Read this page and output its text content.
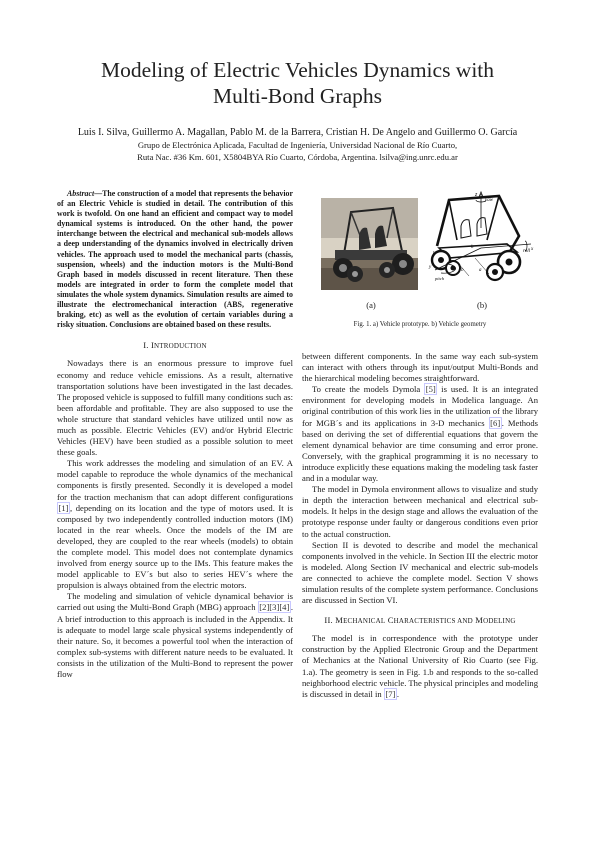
Modeling of Electric Vehicles Dynamics with
Multi-Bond Graphs
Luis I. Silva, Guillermo A. Magallan, Pablo M. de la Barrera, Cristian H. De Angelo and Guillermo O. García
Grupo de Electrónica Aplicada, Facultad de Ingeniería, Universidad Nacional de Río Cuarto,
Ruta Nac. #36 Km. 601, X5804BYA Río Cuarto, Córdoba, Argentina. lsilva@ing.unrc.edu.ar

Abstract—The construction of a model that represents the behavior of an Electric Vehicle is studied in detail. The contribution of this work is twofold. On one hand an efficient and compact way to model dynamical systems is introduced. On the other hand, the power interchange between the electrical and mechanical sub-models allows a deep understanding of the dynamics involved in electrically driven vehicles. The approach used to model the mechanical parts (chassis, suspension, wheels) and the induction motors is the Multi-Bond Graph based in models discussed in recent literature. Then these models are integrated in order to form the complete model that simulates the whole system dynamics. Simulation results are aimed to illustrate the electromechanical interaction (ABS, regenerative braking, etc) as well as the evolution of certain variables during a risky situation. Conclusions are obtained based on these results.

I. INTRODUCTION

Nowadays there is an enormous pressure to improve fuel economy and reduce vehicle emissions. As a result, alternative transportation solutions have been investigated in the last decades. The proposed vehicle is supposed to fulfill many conditions such as: been affordable and profitable. They are also supposed to use the whole structure that standard vehicles have utilized until now as much as possible. Electric Vehicles (EV) and/or Hybrid Electric Vehicles (HEV) have been studied as a possible solution to meet these goals.

This work addresses the modeling and simulation of an EV. A model capable to reproduce the whole dynamics of the mechanical components is firstly presented. Secondly it is developed a model for the traction mechanism that can adopt different configurations [1] , depending on its location and the type of motors used. It is composed by two independently controlled induction motors (IM) located in the rear wheels. Once the models of the IM are developed, they are coupled to the rear wheels (models) to obtain the complete model. This model does not contemplate dynamics involved from energy source up to the IMs. This feature makes the model applicable to EV´s but also to series HEV´s where the propulsion is always obtained from the electric motors.

The modeling and simulation of vehicle dynamical behavior is carried out using the Multi-Bond Graph (MBG) approach [2][3][4] . A brief introduction to this approach is included in the Appendix. It is adequate to model large scale physical systems independently of their nature. So, it becomes a powerful tool when the interaction of complex sub-systems with different nature needs to be evaluated. It consists in the utilization of the Multi-Bond to represent the power flow

z
yaw
roll x
y
pitch
b	a
h
t
(a)	(b)
Fig. 1. a) Vehicle prototype. b) Vehicle geometry

between different components. In the same way each sub-system can interact with others through its input/output Multi-Bonds and the hierarchical modeling becomes straightforward.

To create the models Dymola [5] is used. It is an integrated environment for developing models in Modelica language. An original contribution of this work lies in the utilization of the library for MGB´s and its applications in 3-D mechanics [6] . Methods based on deriving the set of differential equations that govern the element dynamical behavior are time consuming and error prone. Conversely, with the graphical programming it is no necessary to introduce explicitly these equations making the modeling task faster and in a modular way.

The model in Dymola environment allows to visualize and study in depth the interaction between mechanical and electrical sub-models. It helps in the design stage and allows the evaluation of the prototype response under faulty or dangerous conditions even prior to the actual construction.

Section II is devoted to describe and model the mechanical components involved in the vehicle. In Section III the electric motor is modeled. Along Section IV mechanical and electric sub-models are connected to achieve the complete model. Section V shows simulation results of the complete system performance. Conclusions are discussed in Section VI.

II. MECHANICAL CHARACTERISTICS AND MODELING

The model is in correspondence with the prototype under construction by the Applied Electronic Group and the Department of Mechanics at the National University of Rio Cuarto (see Fig. 1.a). The geometry is seen in Fig. 1.b and responds to the so-called neighborhood electric vehicle. The physical principles and modeling is discussed in detail in [7] .
